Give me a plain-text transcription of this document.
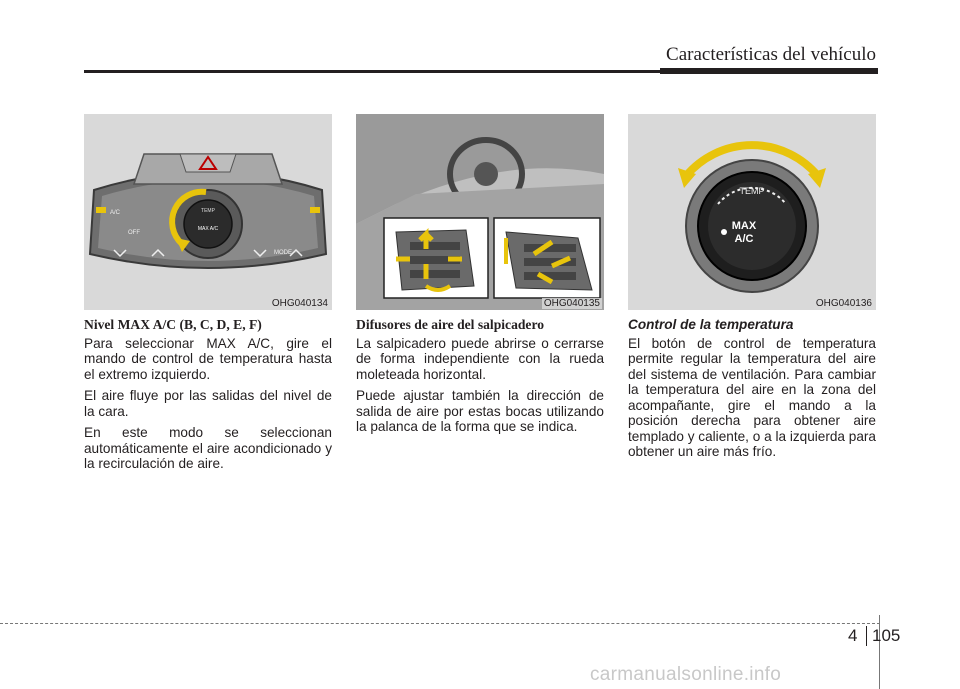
Características del vehículo
TEMP
MAX A/C
A/C
OFF
MODE
OHG040134	OHG040135
TEMP
MAX
A/C
OHG040136
Nivel MAX A/C (B, C, D, E, F)

Para seleccionar MAX A/C, gire el mando de control de temperatura hasta el extremo izquierdo.

El aire fluye por las salidas del nivel de la cara.

En este modo se seleccionan automáticamente el aire acondicionado y la recirculación de aire.

Difusores de aire del salpicadero

La salpicadero puede abrirse o cerrarse de forma independiente con la rueda moleteada horizontal.

Puede ajustar también la dirección de salida de aire por estas bocas utilizando la palanca de la forma que se indica.

Control de la temperatura

El botón de control de temperatura permite regular la temperatura del aire del sistema de ventilación. Para cambiar la temperatura del aire en la zona del acompañante, gire el mando a la posición derecha para obtener aire templado y caliente, o a la izquierda para obtener un aire más frío.

4 105
carmanualsonline.info
